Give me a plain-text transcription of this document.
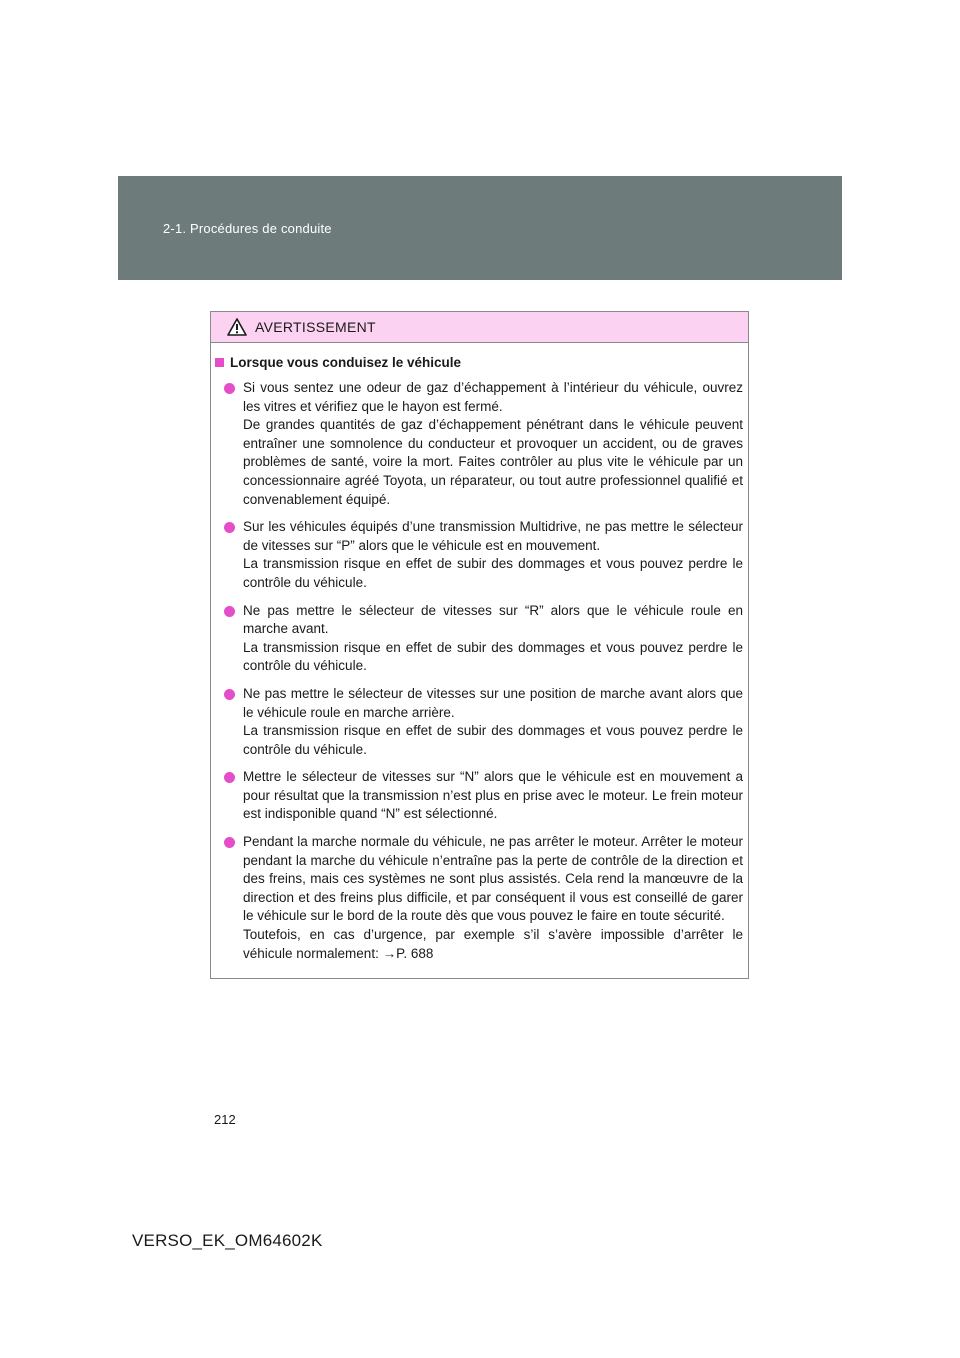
2-1. Procédures de conduite
AVERTISSEMENT
Lorsque vous conduisez le véhicule

Si vous sentez une odeur de gaz d’échappement à l’intérieur du véhicule, ouvrez les vitres et vérifiez que le hayon est fermé.

De grandes quantités de gaz d’échappement pénétrant dans le véhicule peuvent entraîner une somnolence du conducteur et provoquer un accident, ou de graves problèmes de santé, voire la mort. Faites contrôler au plus vite le véhicule par un concessionnaire agréé Toyota, un réparateur, ou tout autre professionnel qualifié et convenablement équipé.

Sur les véhicules équipés d’une transmission Multidrive, ne pas mettre le sélecteur de vitesses sur “P” alors que le véhicule est en mouvement.

La transmission risque en effet de subir des dommages et vous pouvez perdre le contrôle du véhicule.

Ne pas mettre le sélecteur de vitesses sur “R” alors que le véhicule roule en marche avant.

La transmission risque en effet de subir des dommages et vous pouvez perdre le contrôle du véhicule.

Ne pas mettre le sélecteur de vitesses sur une position de marche avant alors que le véhicule roule en marche arrière.

La transmission risque en effet de subir des dommages et vous pouvez perdre le contrôle du véhicule.

Mettre le sélecteur de vitesses sur “N” alors que le véhicule est en mouvement a pour résultat que la transmission n’est plus en prise avec le moteur. Le frein moteur est indisponible quand “N” est sélectionné.

Pendant la marche normale du véhicule, ne pas arrêter le moteur. Arrêter le moteur pendant la marche du véhicule n’entraîne pas la perte de contrôle de la direction et des freins, mais ces systèmes ne sont plus assistés. Cela rend la manœuvre de la direction et des freins plus difficile, et par conséquent il vous est conseillé de garer le véhicule sur le bord de la route dès que vous pouvez le faire en toute sécurité.

Toutefois, en cas d’urgence, par exemple s’il s’avère impossible d’arrêter le véhicule normalement: →P. 688

212
VERSO_EK_OM64602K
